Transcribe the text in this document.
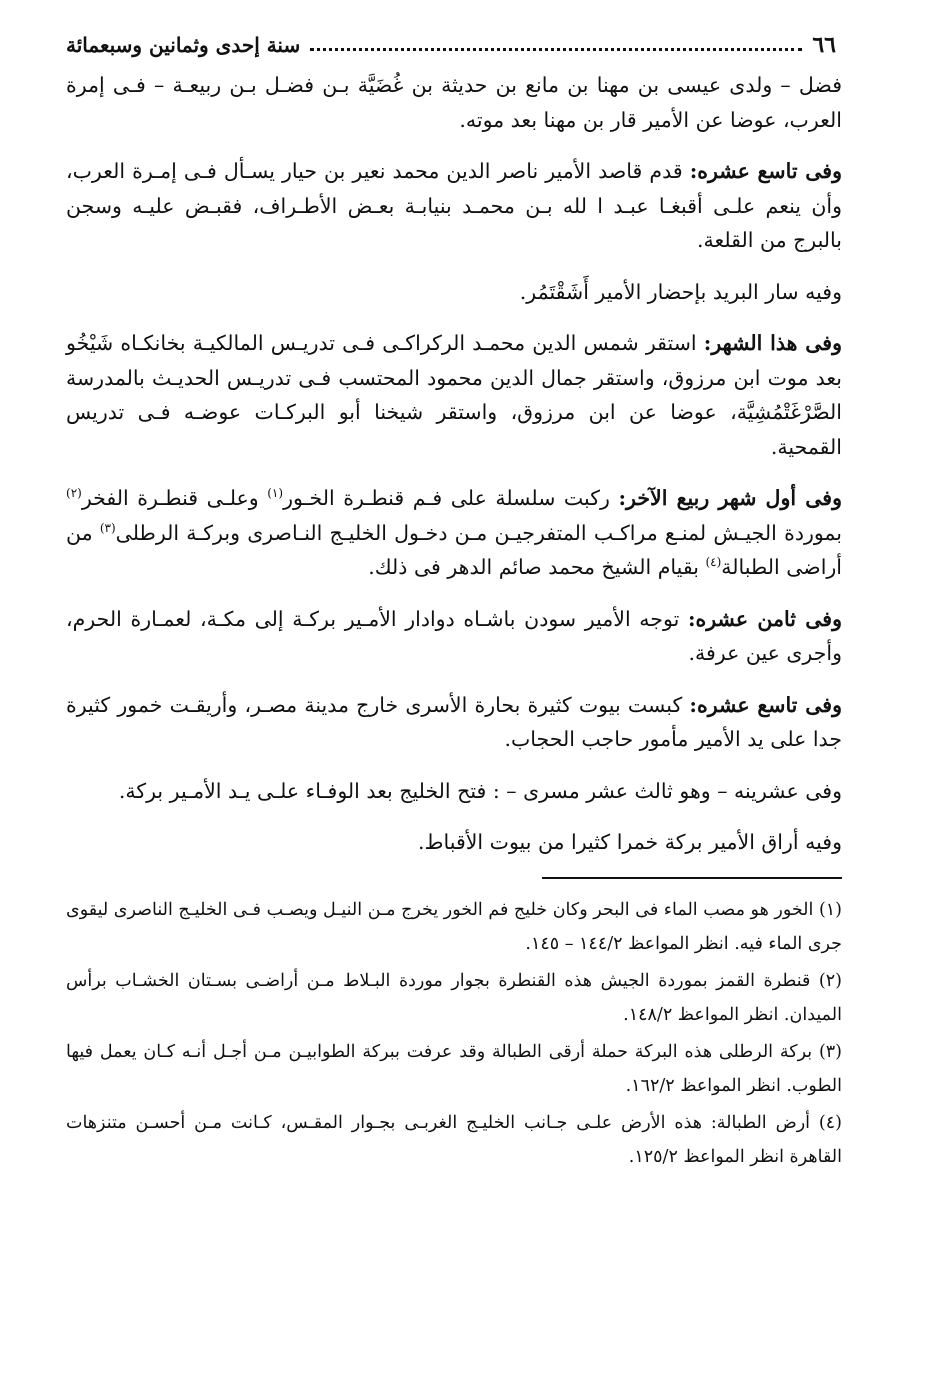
٦٦
سنة إحدى وثمانين وسبعمائة

فضل – ولدى عيسى بن مهنا بن مانع بن حديثة بن غُضَيَّة بـن فضـل بـن ربيعـة – فـى إمرة العرب، عوضا عن الأمير قار بن مهنا بعد موته.

وفى تاسع عشره: قدم قاصد الأمير ناصر الدين محمد نعير بن حيار يسـأل فـى إمـرة العرب، وأن ينعم علـى أقبغـا عبـد ا لله بـن محمـد بنيابـة بعـض الأطـراف، فقبـض عليـه وسجن بالبرج من القلعة.

وفيه سار البريد بإحضار الأمير أَشَقْتَمُر.

وفى هذا الشهر: استقر شمس الدين محمـد الركراكـى فـى تدريـس المالكيـة بخانكـاه شَيْخُو بعد موت ابن مرزوق، واستقر جمال الدين محمود المحتسب فـى تدريـس الحديـث بالمدرسة الصَّرْغَتْمُشِيَّة، عوضا عن ابن مرزوق، واستقر شيخنا أبو البركـات عوضـه فـى تدريس القمحية.

وفى أول شهر ربيع الآخر: ركبت سلسلة على فـم قنطـرة الخـور$^{(١)}$ وعلـى قنطـرة الفخر$^{(٢)}$ بموردة الجيـش لمنـع مراكـب المتفرجيـن مـن دخـول الخليـج النـاصرى وبركـة الرطلى$^{(٣)}$ من أراضى الطبالة$^{(٤)}$ بقيام الشيخ محمد صائم الدهر فى ذلك.

وفى ثامن عشره: توجه الأمير سودن باشـاه دوادار الأمـير بركـة إلى مكـة، لعمـارة الحرم، وأجرى عين عرفة.

وفى تاسع عشره: كبست بيوت كثيرة بحارة الأسرى خارج مدينة مصـر، وأريقـت خمور كثيرة جدا على يد الأمير مأمور حاجب الحجاب.

وفى عشرينه – وهو ثالث عشر مسرى – : فتح الخليج بعد الوفـاء علـى يـد الأمـير بركة.

وفيه أراق الأمير بركة خمرا كثيرا من بيوت الأقباط.

(١) الخور هو مصب الماء فى البحر وكان خليج فم الخور يخرج مـن النيـل ويصـب فـى الخليـج الناصرى ليقوى جرى الماء فيه. انظر المواعظ ١٤٤/٢ – ١٤٥.

(٢) قنطرة القمز بموردة الجيش هذه القنطرة بجوار موردة البـلاط مـن أراضـى بسـتان الخشـاب برأس الميدان. انظر المواعظ ١٤٨/٢.

(٣) بركة الرطلى هذه البركة حملة أرقى الطبالة وقد عرفت ببركة الطوابيـن مـن أجـل أنـه كـان يعمل فيها الطوب. انظر المواعظ ١٦٢/٢.

(٤) أرض الطبالة: هذه الأرض علـى جـانب الخليـج الغربـى بجـوار المقـس، كـانت مـن أحسـن متنزهات القاهرة انظر المواعظ ١٢٥/٢.
